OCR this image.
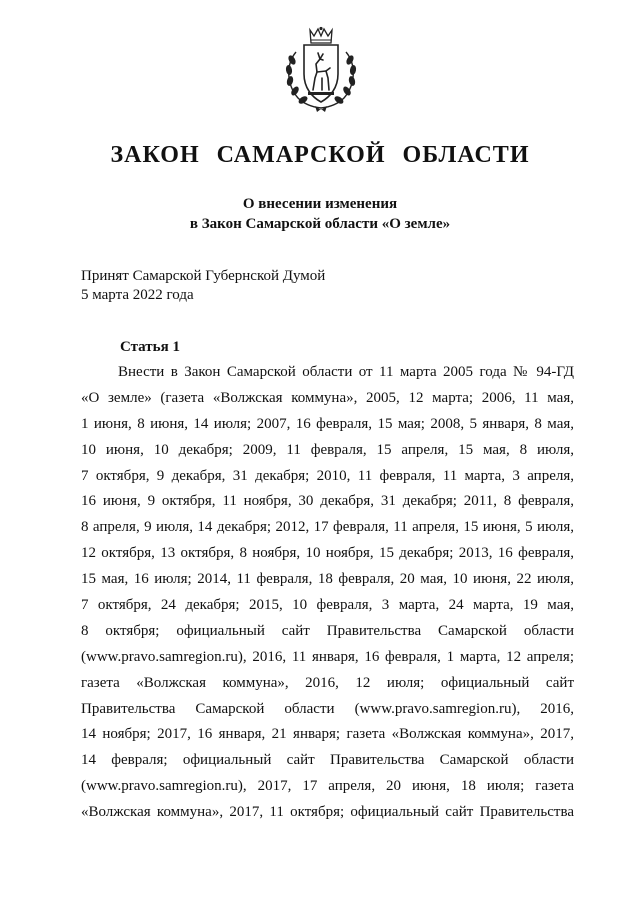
ЗАКОН САМАРСКОЙ ОБЛАСТИ
О внесении изменения
в Закон Самарской области «О земле»
Принят Самарской Губернской Думой
5 марта 2022 года
Статья 1
Внести в Закон Самарской области от 11 марта 2005 года № 94-ГД
«О земле» (газета «Волжская коммуна», 2005, 12 марта; 2006, 11 мая,
1 июня, 8 июня, 14 июля; 2007, 16 февраля, 15 мая; 2008, 5 января, 8 мая,
10 июня, 10 декабря; 2009, 11 февраля, 15 апреля, 15 мая, 8 июля,
7 октября, 9 декабря, 31 декабря; 2010, 11 февраля, 11 марта, 3 апреля,
16 июня, 9 октября, 11 ноября, 30 декабря, 31 декабря; 2011, 8 февраля,
8 апреля, 9 июля, 14 декабря; 2012, 17 февраля, 11 апреля, 15 июня, 5 июля,
12 октября, 13 октября, 8 ноября, 10 ноября, 15 декабря; 2013, 16 февраля,
15 мая, 16 июля; 2014, 11 февраля, 18 февраля, 20 мая, 10 июня, 22 июля,
7 октября, 24 декабря; 2015, 10 февраля, 3 марта, 24 марта, 19 мая,
8 октября; официальный сайт Правительства Самарской области
(www.pravo.samregion.ru), 2016, 11 января, 16 февраля, 1 марта, 12 апреля;
газета «Волжская коммуна», 2016, 12 июля; официальный сайт
Правительства Самарской области (www.pravo.samregion.ru), 2016,
14 ноября; 2017, 16 января, 21 января; газета «Волжская коммуна», 2017,
14 февраля; официальный сайт Правительства Самарской области
(www.pravo.samregion.ru), 2017, 17 апреля, 20 июня, 18 июля; газета
«Волжская коммуна», 2017, 11 октября; официальный сайт Правительства
